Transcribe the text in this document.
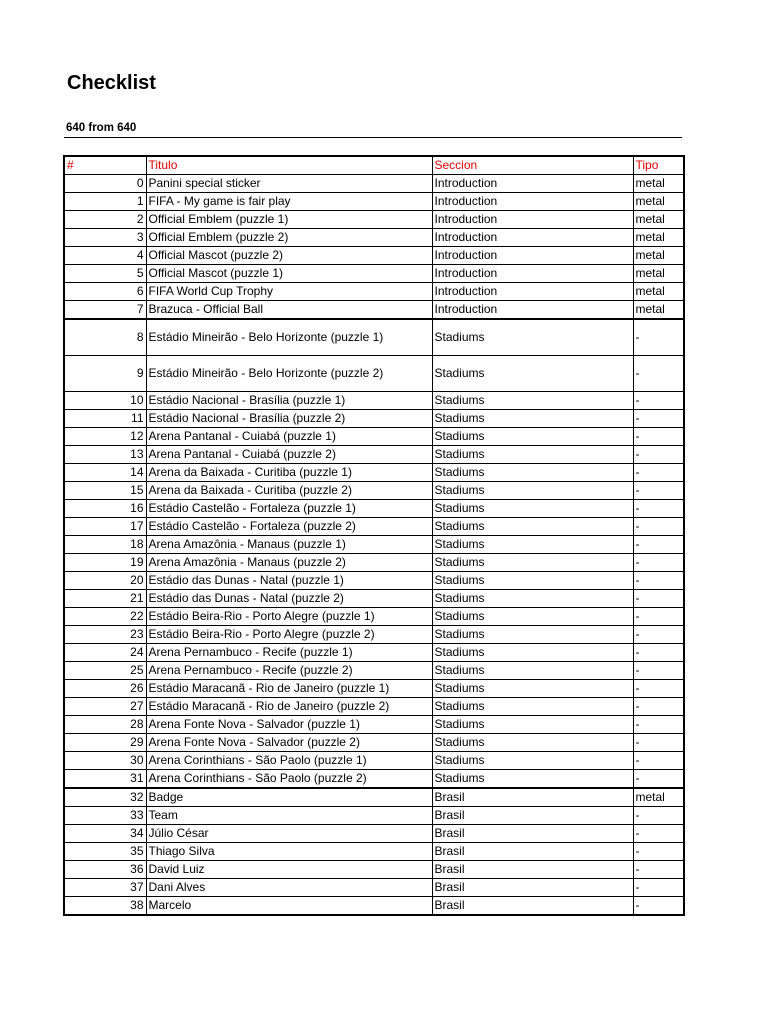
Checklist
640 from 640
#	Titulo	Seccion	Tipo
0	Panini special sticker	Introduction	metal
1	FIFA - My game is fair play	Introduction	metal
2	Official Emblem (puzzle 1)	Introduction	metal
3	Official Emblem (puzzle 2)	Introduction	metal
4	Official Mascot (puzzle 2)	Introduction	metal
5	Official Mascot (puzzle 1)	Introduction	metal
6	FIFA World Cup Trophy	Introduction	metal
7	Brazuca - Official Ball	Introduction	metal
8	Estádio Mineirão - Belo Horizonte (puzzle 1)	Stadiums	-
9	Estádio Mineirão - Belo Horizonte (puzzle 2)	Stadiums	-
10	Estádio Nacional - Brasília (puzzle 1)	Stadiums	-
11	Estádio Nacional - Brasília (puzzle 2)	Stadiums	-
12	Arena Pantanal - Cuiabá (puzzle 1)	Stadiums	-
13	Arena Pantanal - Cuiabá (puzzle 2)	Stadiums	-
14	Arena da Baixada - Curitiba (puzzle 1)	Stadiums	-
15	Arena da Baixada - Curitiba (puzzle 2)	Stadiums	-
16	Estádio Castelão - Fortaleza (puzzle 1)	Stadiums	-
17	Estádio Castelão - Fortaleza (puzzle 2)	Stadiums	-
18	Arena Amazônia - Manaus (puzzle 1)	Stadiums	-
19	Arena Amazônia - Manaus (puzzle 2)	Stadiums	-
20	Estádio das Dunas - Natal (puzzle 1)	Stadiums	-
21	Estádio das Dunas - Natal (puzzle 2)	Stadiums	-
22	Estádio Beira-Rio - Porto Alegre (puzzle 1)	Stadiums	-
23	Estádio Beira-Rio - Porto Alegre (puzzle 2)	Stadiums	-
24	Arena Pernambuco - Recife (puzzle 1)	Stadiums	-
25	Arena Pernambuco - Recife (puzzle 2)	Stadiums	-
26	Estádio Maracanã - Rio de Janeiro (puzzle 1)	Stadiums	-
27	Estádio Maracanã - Rio de Janeiro (puzzle 2)	Stadiums	-
28	Arena Fonte Nova - Salvador (puzzle 1)	Stadiums	-
29	Arena Fonte Nova - Salvador (puzzle 2)	Stadiums	-
30	Arena Corinthians - São Paolo (puzzle 1)	Stadiums	-
31	Arena Corinthians - São Paolo (puzzle 2)	Stadiums	-
32	Badge	Brasil	metal
33	Team	Brasil	-
34	Júlio César	Brasil	-
35	Thiago Silva	Brasil	-
36	David Luiz	Brasil	-
37	Dani Alves	Brasil	-
38	Marcelo	Brasil	-
